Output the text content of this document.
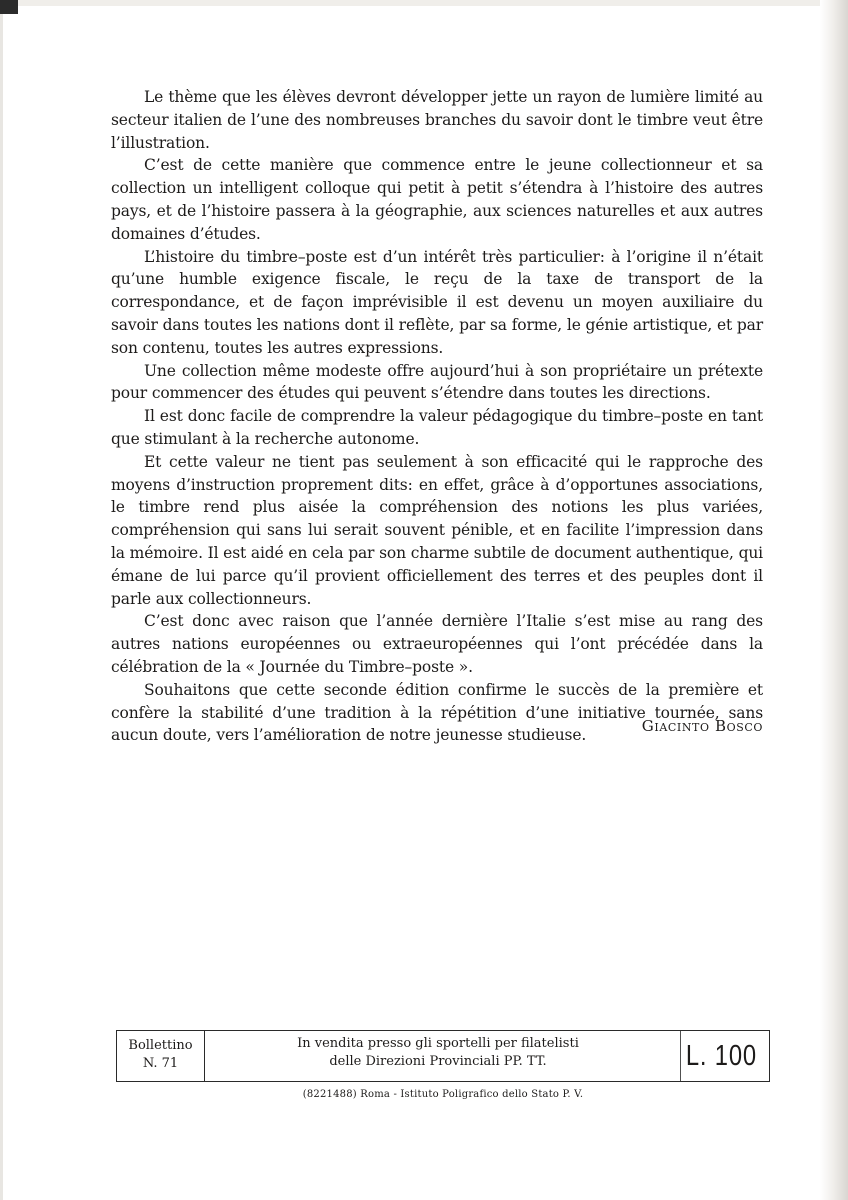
Le thème que les élèves devront développer jette un rayon de lumière limité au secteur italien de l’une des nombreuses branches du savoir dont le timbre veut être l’illustration.

C’est de cette manière que commence entre le jeune collectionneur et sa collection un intelligent colloque qui petit à petit s’étendra à l’histoire des autres pays, et de l’histoire passera à la géographie, aux sciences naturelles et aux autres domaines d’études.

L’histoire du timbre–poste est d’un intérêt très particulier: à l’origine il n’était qu’une humble exigence fiscale, le reçu de la taxe de transport de la correspondance, et de façon imprévisible il est devenu un moyen auxiliaire du savoir dans toutes les nations dont il reflète, par sa forme, le génie artistique, et par son contenu, toutes les autres expressions.

Une collection même modeste offre aujourd’hui à son propriétaire un prétexte pour commencer des études qui peuvent s’étendre dans toutes les directions.

Il est donc facile de comprendre la valeur pédagogique du timbre–poste en tant que stimulant à la recherche autonome.

Et cette valeur ne tient pas seulement à son efficacité qui le rapproche des moyens d’instruction proprement dits: en effet, grâce à d’opportunes associations, le timbre rend plus aisée la compréhension des notions les plus variées, compréhension qui sans lui serait souvent pénible, et en facilite l’impression dans la mémoire. Il est aidé en cela par son charme subtile de document authentique, qui émane de lui parce qu’il provient officiellement des terres et des peuples dont il parle aux collectionneurs.

C’est donc avec raison que l’année dernière l’Italie s’est mise au rang des autres nations européennes ou extraeuropéennes qui l’ont précédée dans la célébration de la « Journée du Timbre–poste ».

Souhaitons que cette seconde édition confirme le succès de la première et confère la stabilité d’une tradition à la répétition d’une initiative tournée, sans aucun doute, vers l’amélioration de notre jeunesse studieuse.

Giacinto Bosco
Bollettino
N. 71
In vendita presso gli sportelli per filatelisti
delle Direzioni Provinciali PP. TT.	L. 100
(8221488) Roma - Istituto Poligrafico dello Stato P. V.
